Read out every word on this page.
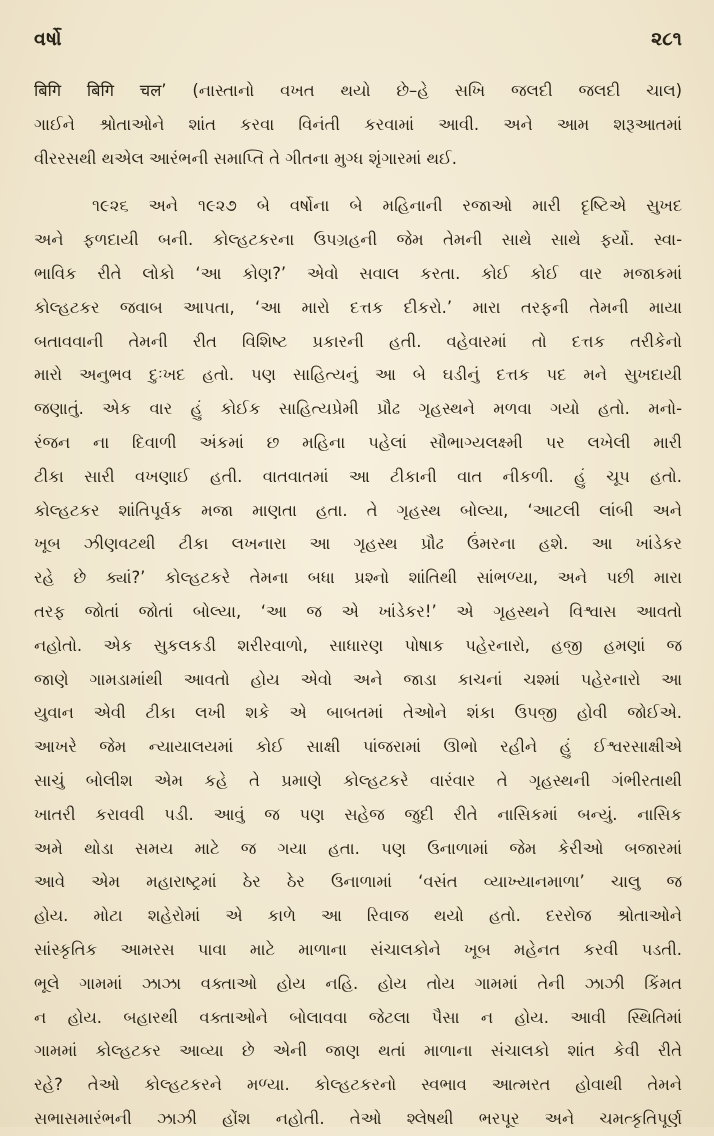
વર્ષો	૨૮૧
बिगि बिगि चल’ (નાસ્તાનો વખત થયો છે–હે સખિ જલદી જલદી ચાલ)
ગાઈને શ્રોતાઓને શાંત કરવા વિનંતી કરવામાં આવી. અને આમ શરૂઆતમાં
વીરરસથી થએલ આરંભની સમાપ્તિ તે ગીતના મુગ્ધ શૃંગારમાં થઈ.
૧૯૨૬ અને ૧૯૨૭ બે વર્ષોના બે મહિનાની રજાઓ મારી દૃષ્ટિએ સુખદ
અને ફળદાયી બની. કોલ્હટકરના ઉપગ્રહની જેમ તેમની સાથે સાથે ફર્યો. સ્વા-
ભાવિક રીતે લોકો ‘આ કોણ?’ એવો સવાલ કરતા. કોઈ કોઈ વાર મજાકમાં
કોલ્હટકર જવાબ આપતા, ‘આ મારો દત્તક દીકરો.’ મારા તરફની તેમની માયા
બતાવવાની તેમની રીત વિશિષ્ટ પ્રકારની હતી. વહેવારમાં તો દત્તક તરીકેનો
મારો અનુભવ દુઃખદ હતો. પણ સાહિત્યનું આ બે ઘડીનું દત્તક પદ મને સુખદાયી
જણાતું. એક વાર હું કોઈક સાહિત્યપ્રેમી પ્રૌઢ ગૃહસ્થને મળવા ગયો હતો. મનો-
રંજન ના દિવાળી અંકમાં છ મહિના પહેલાં સૌભાગ્યલક્ષ્મી પર લખેલી મારી
ટીકા સારી વખણાઈ હતી. વાતવાતમાં આ ટીકાની વાત નીકળી. હું ચૂપ હતો.
કોલ્હટકર શાંતિપૂર્વક મજા માણતા હતા. તે ગૃહસ્થ બોલ્યા, ‘આટલી લાંબી અને
ખૂબ ઝીણવટથી ટીકા લખનારા આ ગૃહસ્થ પ્રૌઢ ઉંમરના હશે. આ ખાંડેકર
રહે છે ક્યાં?’ કોલ્હટકરે તેમના બધા પ્રશ્નો શાંતિથી સાંભળ્યા, અને પછી મારા
તરફ જોતાં જોતાં બોલ્યા, ‘આ જ એ ખાંડેકર!’ એ ગૃહસ્થને વિશ્વાસ આવતો
નહોતો. એક સુકલકડી શરીરવાળો, સાધારણ પોષાક પહેરનારો, હજી હમણાં જ
જાણે ગામડામાંથી આવતો હોય એવો અને જાડા કાચનાં ચશ્માં પહેરનારો આ
યુવાન એવી ટીકા લખી શકે એ બાબતમાં તેઓને શંકા ઉપજી હોવી જોઈએ.
આખરે જેમ ન્યાયાલયમાં કોઈ સાક્ષી પાંજરામાં ઊભો રહીને હું ઈશ્વરસાક્ષીએ
સાચું બોલીશ એમ કહે તે પ્રમાણે કોલ્હટકરે વારંવાર તે ગૃહસ્થની ગંભીરતાથી
ખાતરી કરાવવી પડી. આવું જ પણ સહેજ જુદી રીતે નાસિકમાં બન્યું. નાસિક
અમે થોડા સમય માટે જ ગયા હતા. પણ ઉનાળામાં જેમ કેરીઓ બજારમાં
આવે એમ મહારાષ્ટ્રમાં ઠેર ઠેર ઉનાળામાં ‘વસંત વ્યાખ્યાનમાળા’ ચાલુ જ
હોય. મોટા શહેરોમાં એ કાળે આ રિવાજ થયો હતો. દરરોજ શ્રોતાઓને
સાંસ્કૃતિક આમરસ પાવા માટે માળાના સંચાલકોને ખૂબ મહેનત કરવી પડતી.
ભૂલે ગામમાં ઝાઝા વક્તાઓ હોય નહિ. હોય તોય ગામમાં તેની ઝાઝી કિંમત
ન હોય. બહારથી વક્તાઓને બોલાવવા જેટલા પૈસા ન હોય. આવી સ્થિતિમાં
ગામમાં કોલ્હટકર આવ્યા છે એની જાણ થતાં માળાના સંચાલકો શાંત કેવી રીતે
રહે? તેઓ કોલ્હટકરને મળ્યા. કોલ્હટકરનો સ્વભાવ આત્મરત હોવાથી તેમને
સભાસમારંભની ઝાઝી હોંશ નહોતી. તેઓ શ્લેષથી ભરપૂર અને ચમત્કૃતિપૂર્ણ
